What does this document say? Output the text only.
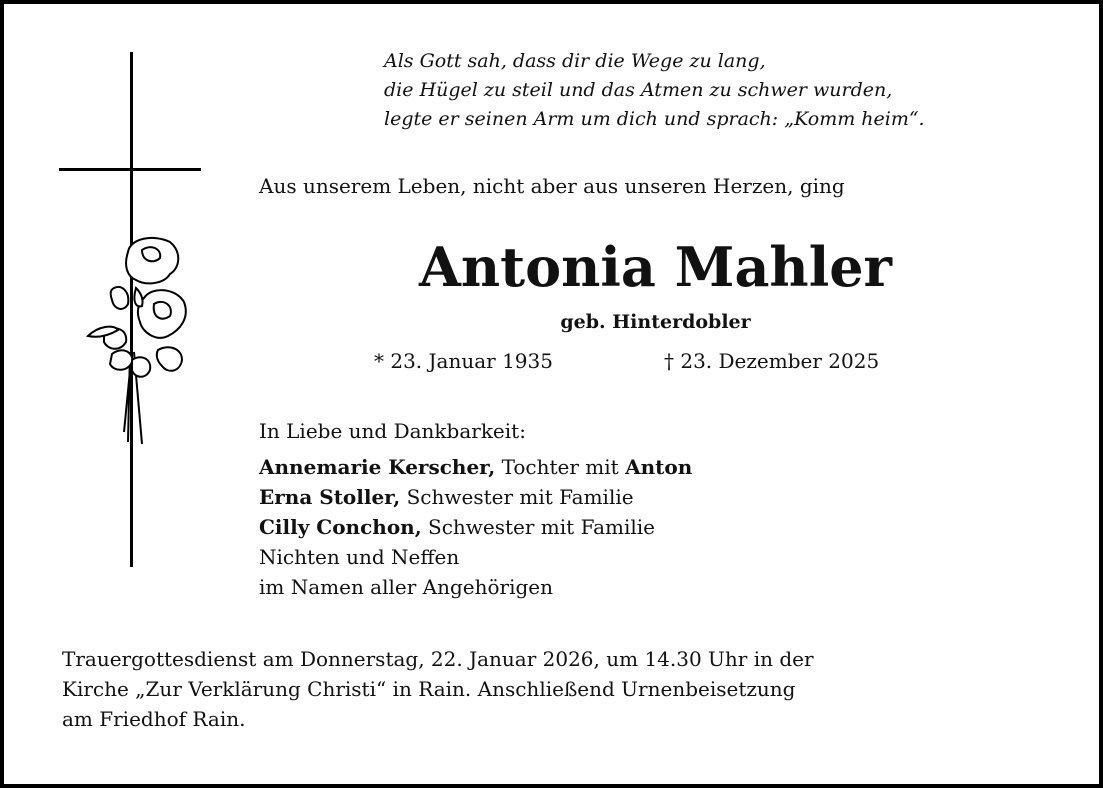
Als Gott sah, dass dir die Wege zu lang,
die Hügel zu steil und das Atmen zu schwer wurden,
legte er seinen Arm um dich und sprach: „Komm heim“.
Aus unserem Leben, nicht aber aus unseren Herzen, ging
Antonia Mahler
geb. Hinterdobler
* 23. Januar 1935	† 23. Dezember 2025
In Liebe und Dankbarkeit:
Annemarie Kerscher, Tochter mit Anton
Erna Stoller, Schwester mit Familie
Cilly Conchon, Schwester mit Familie
Nichten und Neffen
im Namen aller Angehörigen
Trauergottesdienst am Donnerstag, 22. Januar 2026, um 14.30 Uhr in der
Kirche „Zur Verklärung Christi“ in Rain. Anschließend Urnenbeisetzung
am Friedhof Rain.
